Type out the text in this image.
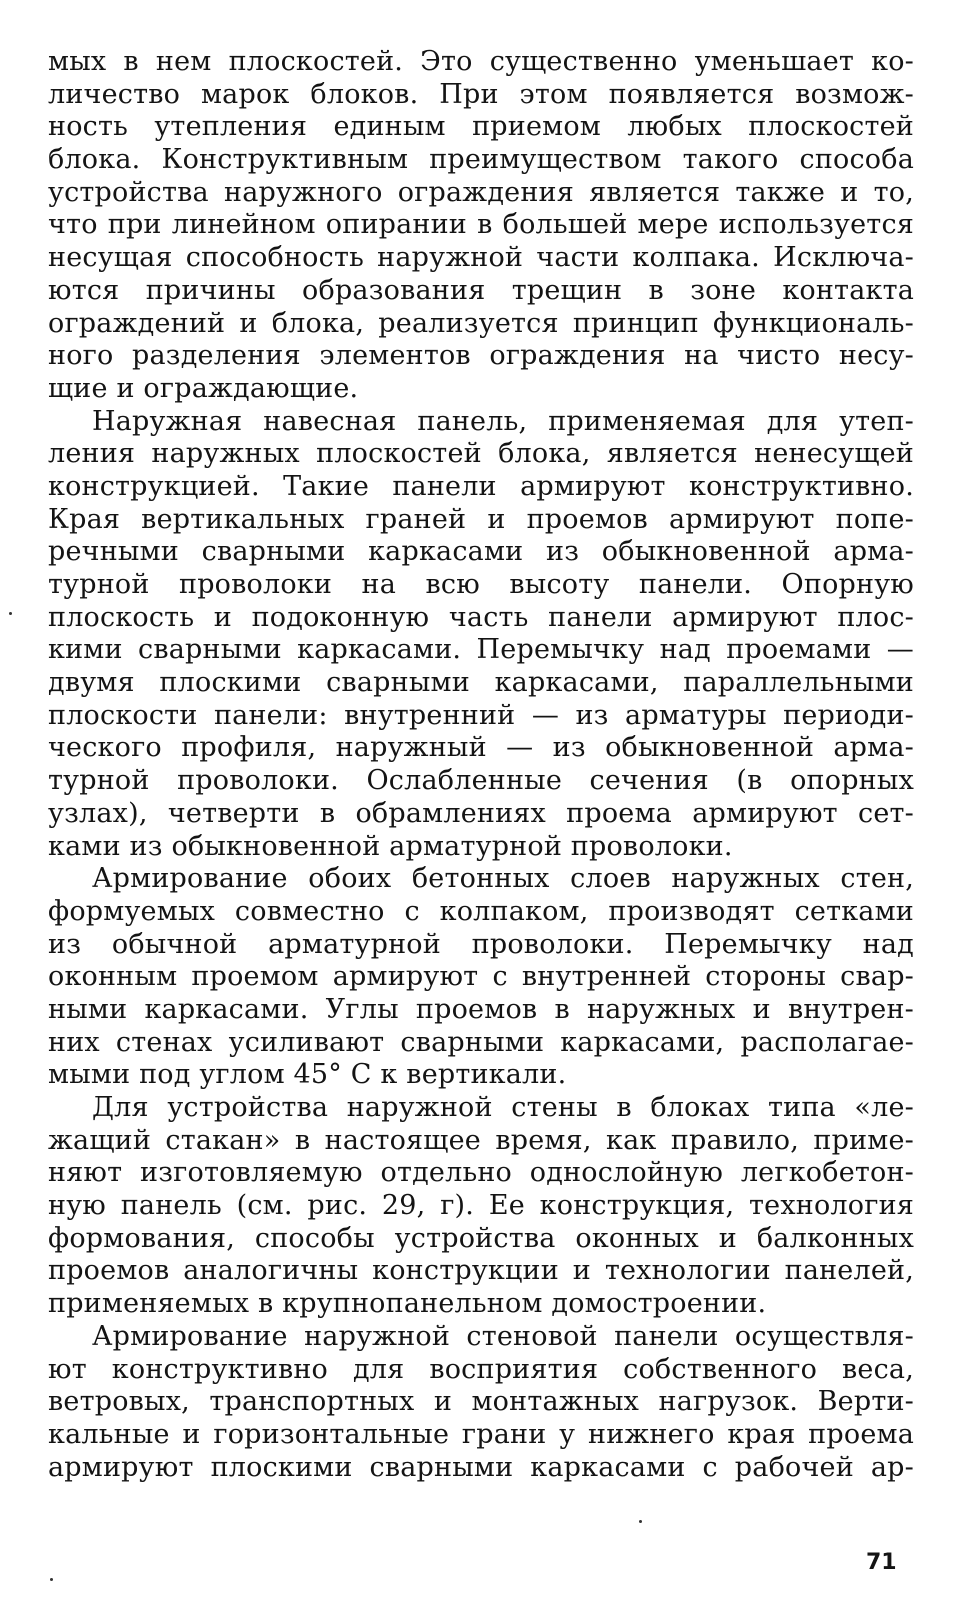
мых в нем плоскостей. Это существенно уменьшает ко-
личество марок блоков. При этом появляется возмож-
ность утепления единым приемом любых плоскостей
блока. Конструктивным преимуществом такого способа
устройства наружного ограждения является также и то,
что при линейном опирании в большей мере используется
несущая способность наружной части колпака. Исключа-
ются причины образования трещин в зоне контакта
ограждений и блока, реализуется принцип функциональ-
ного разделения элементов ограждения на чисто несу-
щие и ограждающие.
Наружная навесная панель, применяемая для утеп-
ления наружных плоскостей блока, является ненесущей
конструкцией. Такие панели армируют конструктивно.
Края вертикальных граней и проемов армируют попе-
речными сварными каркасами из обыкновенной арма-
турной проволоки на всю высоту панели. Опорную
плоскость и подоконную часть панели армируют плос-
кими сварными каркасами. Перемычку над проемами —
двумя плоскими сварными каркасами, параллельными
плоскости панели: внутренний — из арматуры периоди-
ческого профиля, наружный — из обыкновенной арма-
турной проволоки. Ослабленные сечения (в опорных
узлах), четверти в обрамлениях проема армируют сет-
ками из обыкновенной арматурной проволоки.
Армирование обоих бетонных слоев наружных стен,
формуемых совместно с колпаком, производят сетками
из обычной арматурной проволоки. Перемычку над
оконным проемом армируют с внутренней стороны свар-
ными каркасами. Углы проемов в наружных и внутрен-
них стенах усиливают сварными каркасами, располагае-
мыми под углом 45° С к вертикали.
Для устройства наружной стены в блоках типа «ле-
жащий стакан» в настоящее время, как правило, приме-
няют изготовляемую отдельно однослойную легкобетон-
ную панель (см. рис. 29, г). Ее конструкция, технология
формования, способы устройства оконных и балконных
проемов аналогичны конструкции и технологии панелей,
применяемых в крупнопанельном домостроении.
Армирование наружной стеновой панели осуществля-
ют конструктивно для восприятия собственного веса,
ветровых, транспортных и монтажных нагрузок. Верти-
кальные и горизонтальные грани у нижнего края проема
армируют плоскими сварными каркасами с рабочей ар-
71
